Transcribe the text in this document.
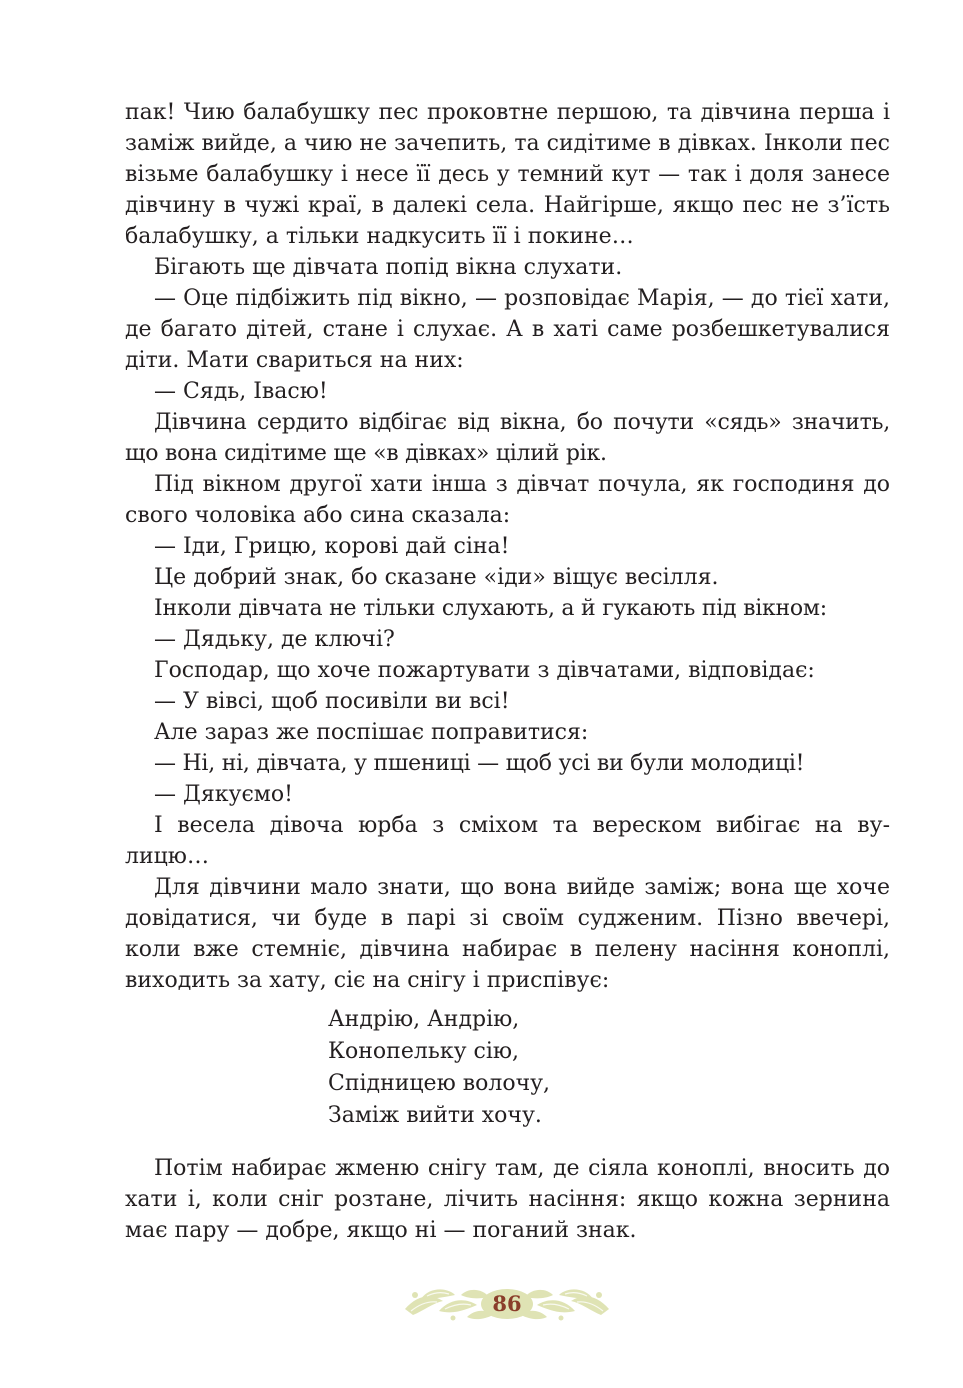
пак! Чию балабушку пес проковтне першою, та дівчина перша і заміж вийде, а чию не зачепить, та сидітиме в дівках. Інколи пес візьме балабушку і несе її десь у темний кут — так і доля занесе дівчину в чужі краї, в далекі села. Найгірше, якщо пес не з’їсть балабушку, а тільки надкусить її і покине…

Бігають ще дівчата попід вікна слухати.

— Оце підбіжить під вікно, — розповідає Марія, — до тієї хати, де багато дітей, стане і слухає. А в хаті саме розбешкетувалися діти. Мати свариться на них:

— Сядь, Івасю!

Дівчина сердито відбігає від вікна, бо почути «сядь» значить, що вона сидітиме ще «в дівках» цілий рік.

Під вікном другої хати інша з дівчат почула, як господиня до свого чоловіка або сина сказала:

— Іди, Грицю, корові дай сіна!

Це добрий знак, бо сказане «іди» віщує весілля.

Інколи дівчата не тільки слухають, а й гукають під вікном:

— Дядьку, де ключі?

Господар, що хоче пожартувати з дівчатами, відповідає:

— У вівсі, щоб посивіли ви всі!

Але зараз же поспішає поправитися:

— Ні, ні, дівчата, у пшениці — щоб усі ви були молодиці!

— Дякуємо!

І весела дівоча юрба з сміхом та вереском вибігає на вулицю…

Для дівчини мало знати, що вона вийде заміж; вона ще хоче довідатися, чи буде в парі зі своїм судженим. Пізно ввечері, коли вже стемніє, дівчина набирає в пелену насіння коноплі, виходить за хату, сіє на снігу і приспівує:

Андрію, Андрію,
Конопельку сію,
Спідницею волочу,
Заміж вийти хочу.

Потім набирає жменю снігу там, де сіяла коноплі, вносить до хати і, коли сніг розтане, лічить насіння: якщо кожна зернина має пару — добре, якщо ні — поганий знак.

86
